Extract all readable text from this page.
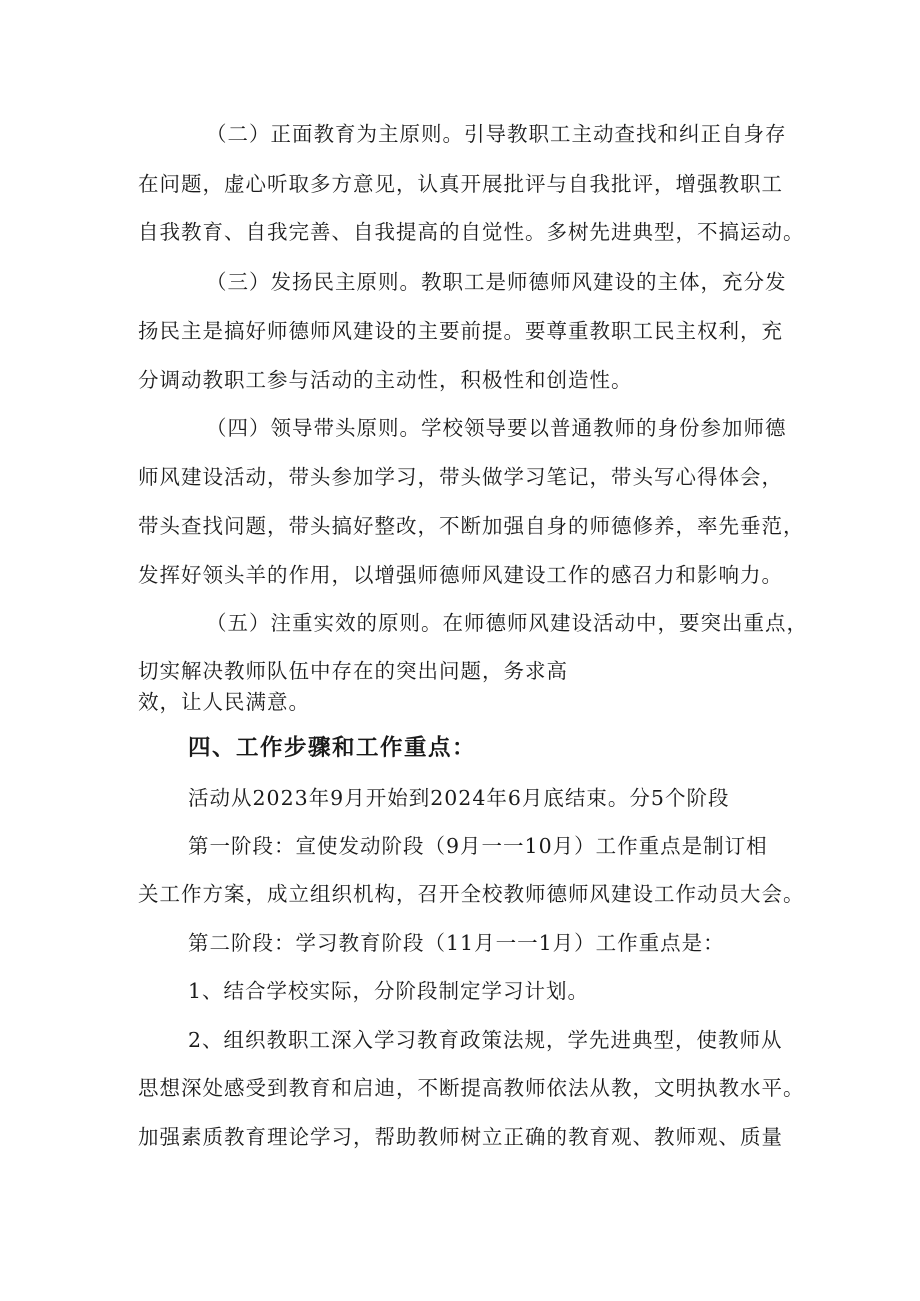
（二）正面教育为主原则。引导教职工主动查找和纠正自身存
在问题，虚心听取多方意见，认真开展批评与自我批评，增强教职工
自我教育、自我完善、自我提高的自觉性。多树先进典型，不搞运动。
（三）发扬民主原则。教职工是师德师风建设的主体，充分发
扬民主是搞好师德师风建设的主要前提。要尊重教职工民主权利，充
分调动教职工参与活动的主动性，积极性和创造性。
（四）领导带头原则。学校领导要以普通教师的身份参加师德
师风建设活动，带头参加学习，带头做学习笔记，带头写心得体会，
带头查找问题，带头搞好整改，不断加强自身的师德修养，率先垂范，
发挥好领头羊的作用，以增强师德师风建设工作的感召力和影响力。
（五）注重实效的原则。在师德师风建设活动中，要突出重点，
切实解决教师队伍中存在的突出问题，务求高
效，让人民满意。
四、工作步骤和工作重点：
活动从2023年9月开始到2024年6月底结束。分5个阶段
第一阶段：宣使发动阶段（9月一一10月）工作重点是制订相
关工作方案，成立组织机构，召开全校教师德师风建设工作动员大会。
第二阶段：学习教育阶段（11月一一1月）工作重点是：
1、结合学校实际，分阶段制定学习计划。
2、组织教职工深入学习教育政策法规，学先进典型，使教师从
思想深处感受到教育和启迪，不断提高教师依法从教，文明执教水平。
加强素质教育理论学习，帮助教师树立正确的教育观、教师观、质量
